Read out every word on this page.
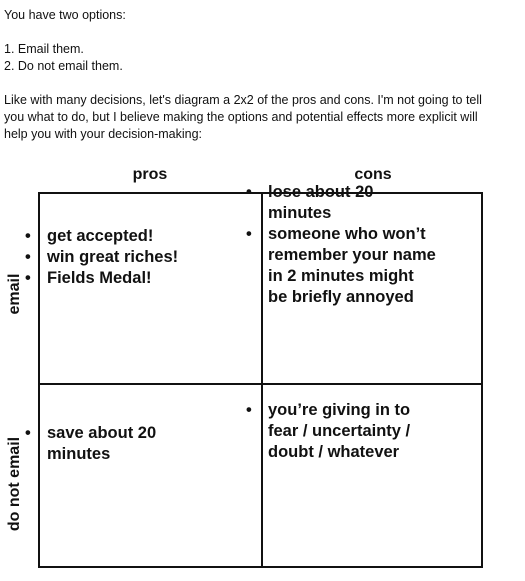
You have two options:

1. Email them.

2. Do not email them.

Like with many decisions, let's diagram a 2x2 of the pros and cons. I'm not going to tell you what to do, but I believe making the options and potential effects more explicit will help you with your decision-making:

pros	cons
email
do not email
• get accepted!
• win great riches!
• Fields Medal!
• lose about 20 minutes
• someone who won’t remember your name in 2 minutes might be briefly annoyed
• save about 20 minutes
• you’re giving in to fear / uncertainty / doubt / whatever
